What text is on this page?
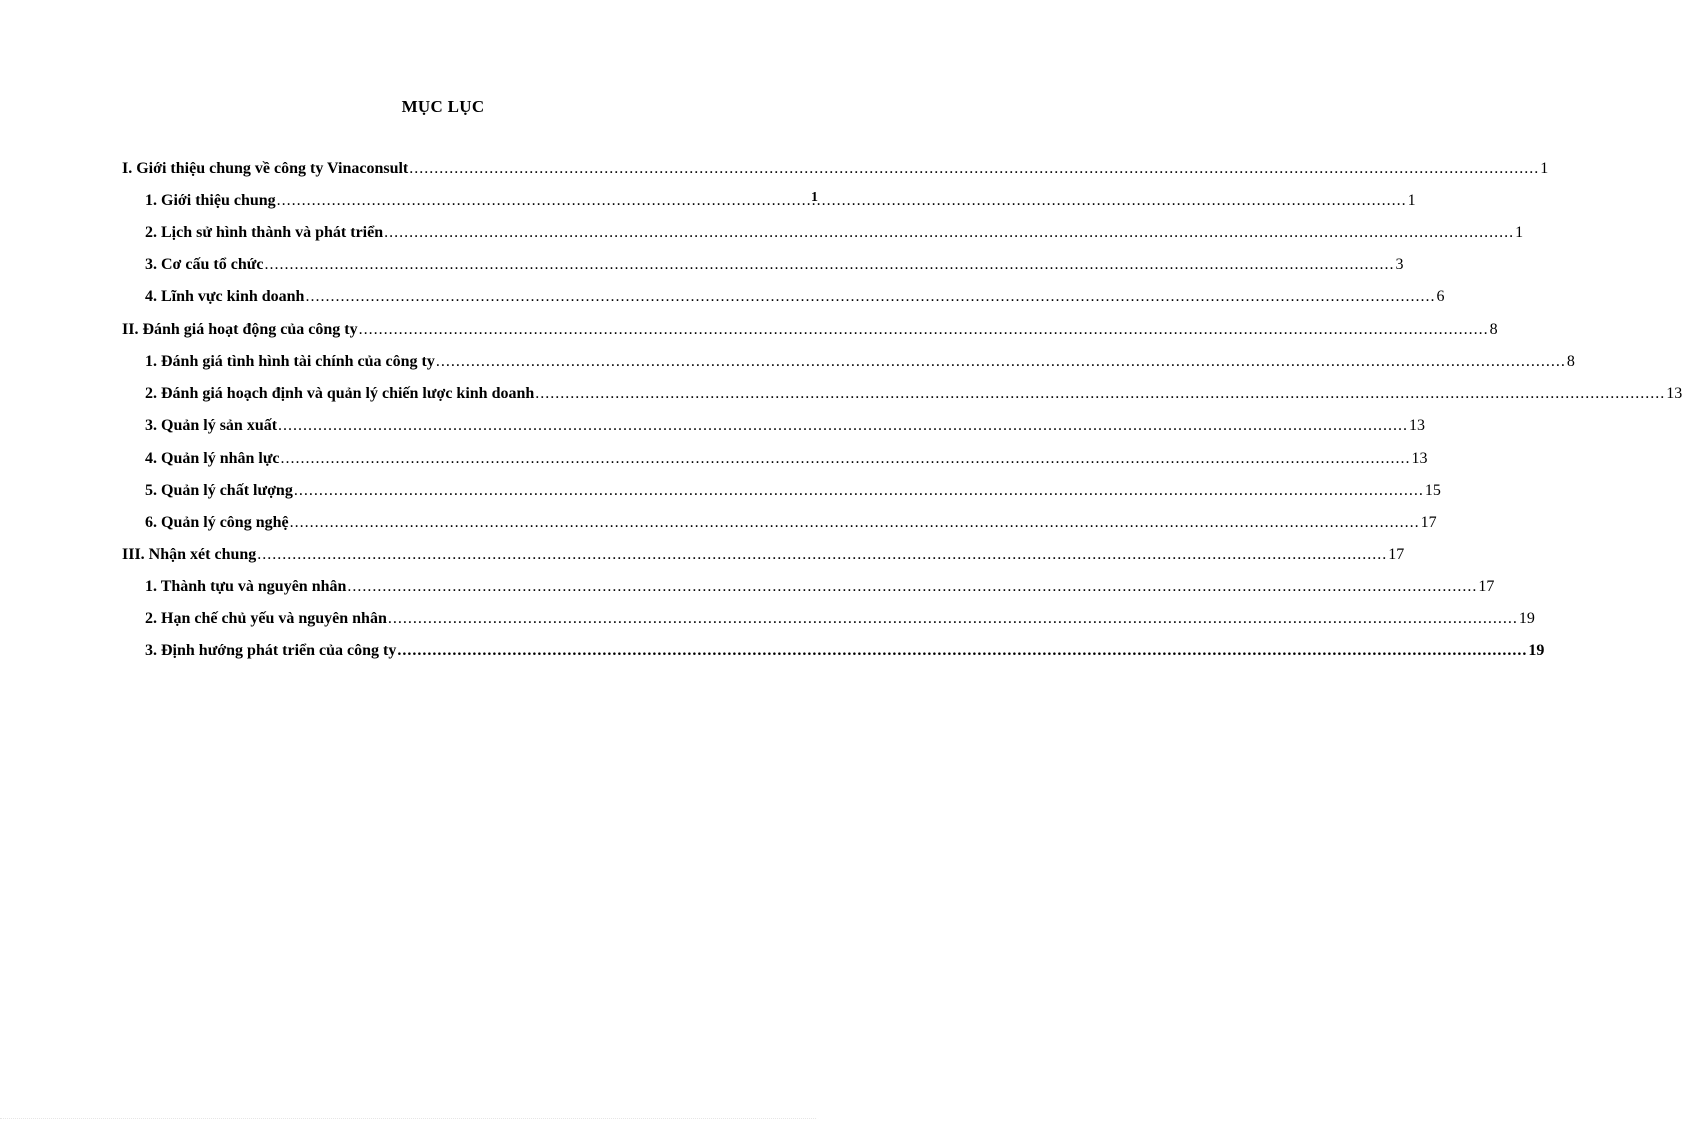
MỤC LỤC
I. Giới thiệu chung về công ty Vinaconsult .....	1
1. Giới thiệu chung .....	1
2. Lịch sử hình thành và phát triển .....	1
3. Cơ cấu tổ chức .....	3
4. Lĩnh vực kinh doanh .....	6
II. Đánh giá hoạt động của công ty .....	8
1. Đánh giá tình hình tài chính của công ty .....	8
2. Đánh giá hoạch định và quản lý chiến lược kinh doanh .....	13
3. Quản lý sản xuất .....	13
4. Quản lý nhân lực .....	13
5. Quản lý chất lượng .....	15
6. Quản lý công nghệ .....	17
III. Nhận xét chung .....	17
1. Thành tựu và nguyên nhân .....	17
2. Hạn chế chủ yếu và nguyên nhân .....	19
3. Định hướng phát triển của công ty .....	19
1
